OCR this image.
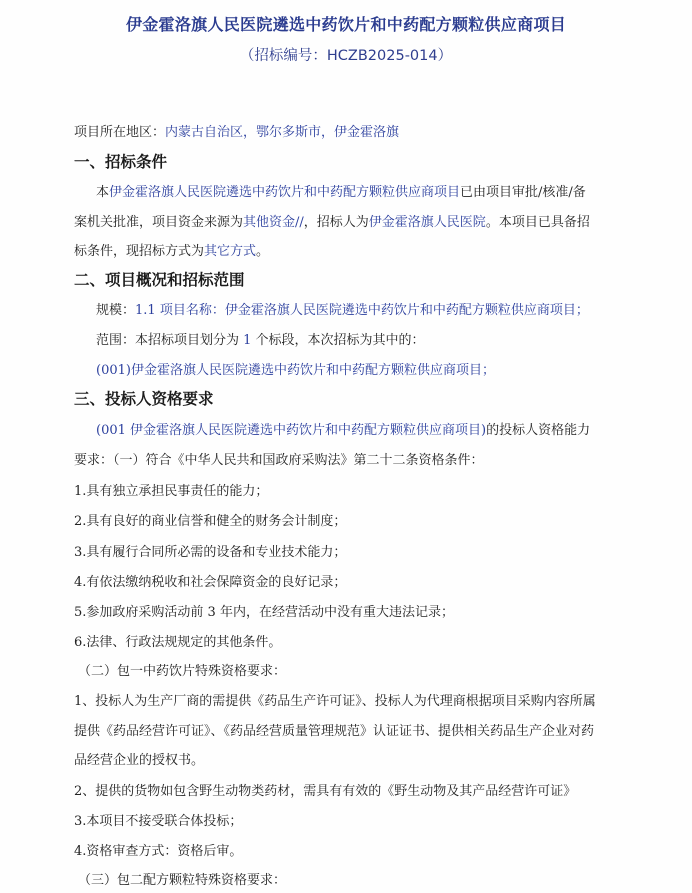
伊金霍洛旗人民医院遴选中药饮片和中药配方颗粒供应商项目
（招标编号：HCZB2025-014）
项目所在地区：内蒙古自治区，鄂尔多斯市，伊金霍洛旗
一、招标条件
本伊金霍洛旗人民医院遴选中药饮片和中药配方颗粒供应商项目已由项目审批/核准/备
案机关批准，项目资金来源为其他资金//，招标人为伊金霍洛旗人民医院。本项目已具备招
标条件，现招标方式为其它方式。
二、项目概况和招标范围
规模：1.1 项目名称：伊金霍洛旗人民医院遴选中药饮片和中药配方颗粒供应商项目；
范围：本招标项目划分为 1 个标段，本次招标为其中的：
(001)伊金霍洛旗人民医院遴选中药饮片和中药配方颗粒供应商项目；
三、投标人资格要求
(001 伊金霍洛旗人民医院遴选中药饮片和中药配方颗粒供应商项目)的投标人资格能力
要求：（一）符合《中华人民共和国政府采购法》第二十二条资格条件：
1.具有独立承担民事责任的能力；
2.具有良好的商业信誉和健全的财务会计制度；
3.具有履行合同所必需的设备和专业技术能力；
4.有依法缴纳税收和社会保障资金的良好记录；
5.参加政府采购活动前 3 年内，在经营活动中没有重大违法记录；
6.法律、行政法规规定的其他条件。
（二）包一中药饮片特殊资格要求：
1、投标人为生产厂商的需提供《药品生产许可证》、投标人为代理商根据项目采购内容所属
提供《药品经营许可证》、《药品经营质量管理规范》认证证书、提供相关药品生产企业对药
品经营企业的授权书。
2、提供的货物如包含野生动物类药材，需具有有效的《野生动物及其产品经营许可证》
3.本项目不接受联合体投标；
4.资格审查方式：资格后审。
（三）包二配方颗粒特殊资格要求：
